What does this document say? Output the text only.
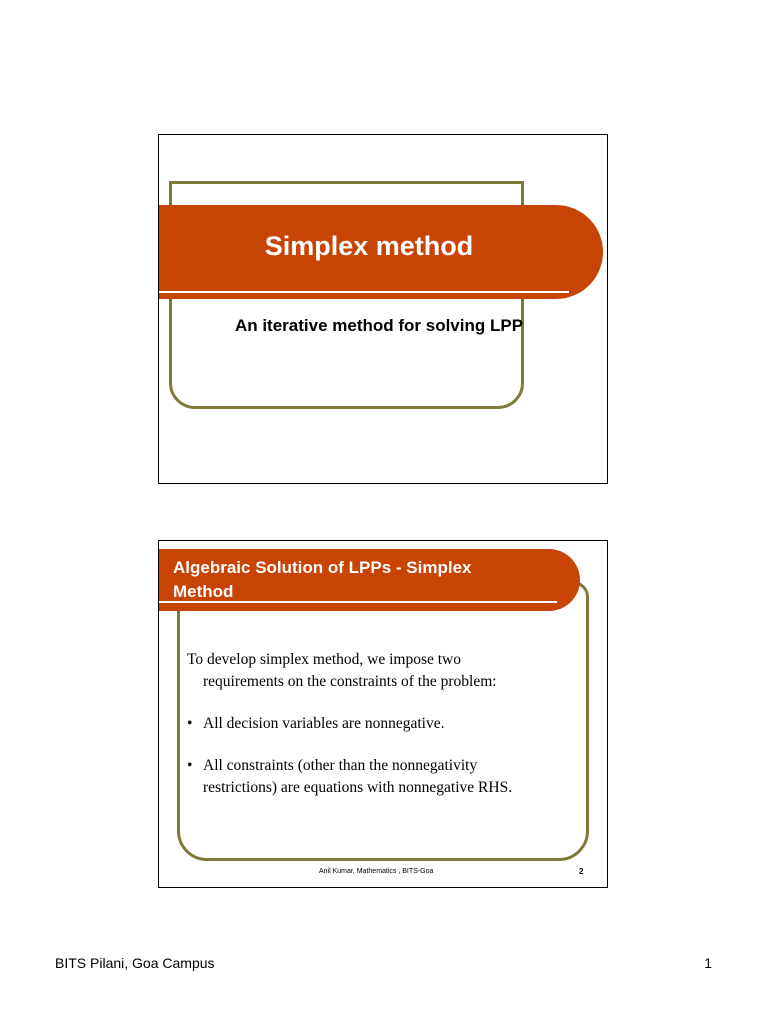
Simplex method
An iterative method for solving LPP
Algebraic Solution of LPPs - Simplex
Method

To develop simplex method, we impose two
requirements on the constraints of the problem:

• All decision variables are nonnegative.

• All constraints (other than the nonnegativity
restrictions) are equations with nonnegative RHS.

Anil Kumar, Mathematics , BITS-Goa	2
BITS Pilani, Goa Campus	1
